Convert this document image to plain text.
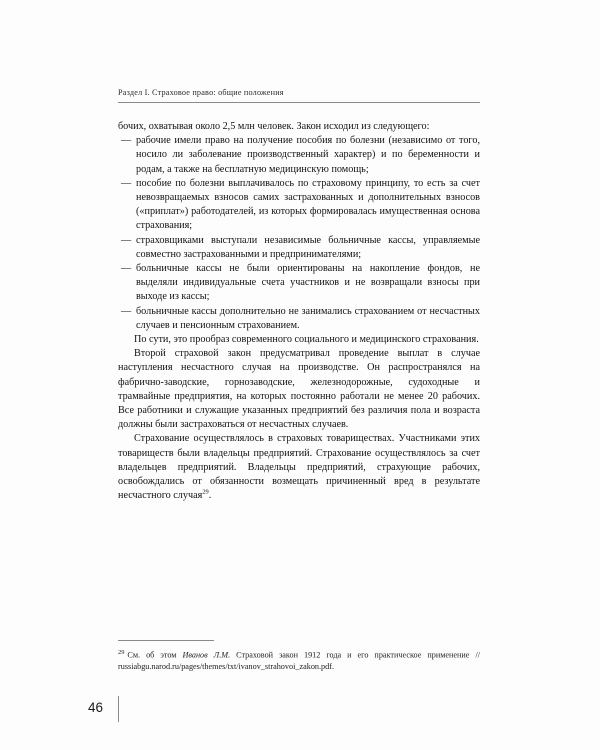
Раздел I. Страховое право: общие положения

бочих, охватывая около 2,5 млн человек. Закон исходил из следующего:

— рабочие имели право на получение пособия по болезни (независимо от того, носило ли заболевание производственный характер) и по беременности и родам, а также на бесплатную медицинскую помощь;
— пособие по болезни выплачивалось по страховому принципу, то есть за счет невозвращаемых взносов самих застрахованных и дополнительных взносов («приплат») работодателей, из которых формировалась имущественная основа страхования;
— страховщиками выступали независимые больничные кассы, управляемые совместно застрахованными и предпринимателями;
— больничные кассы не были ориентированы на накопление фондов, не выделяли индивидуальные счета участников и не возвращали взносы при выходе из кассы;
— больничные кассы дополнительно не занимались страхованием от несчастных случаев и пенсионным страхованием.

По сути, это прообраз современного социального и медицинского страхования.

Второй страховой закон предусматривал проведение выплат в случае наступления несчастного случая на производстве. Он распространялся на фабрично-заводские, горнозаводские, железнодорожные, судоходные и трамвайные предприятия, на которых постоянно работали не менее 20 рабочих. Все работники и служащие указанных предприятий без различия пола и возраста должны были застраховаться от несчастных случаев.

Страхование осуществлялось в страховых товариществах. Участниками этих товариществ были владельцы предприятий. Страхование осуществлялось за счет владельцев предприятий. Владельцы предприятий, страхующие рабочих, освобождались от обязанности возмещать причиненный вред в результате несчастного случая$^{29}$.

$^{29}$ См. об этом Иванов Л.М. Страховой закон 1912 года и его практическое применение // russiabgu.narod.ru/pages/themes/txt/ivanov_strahovoi_zakon.pdf.
46
